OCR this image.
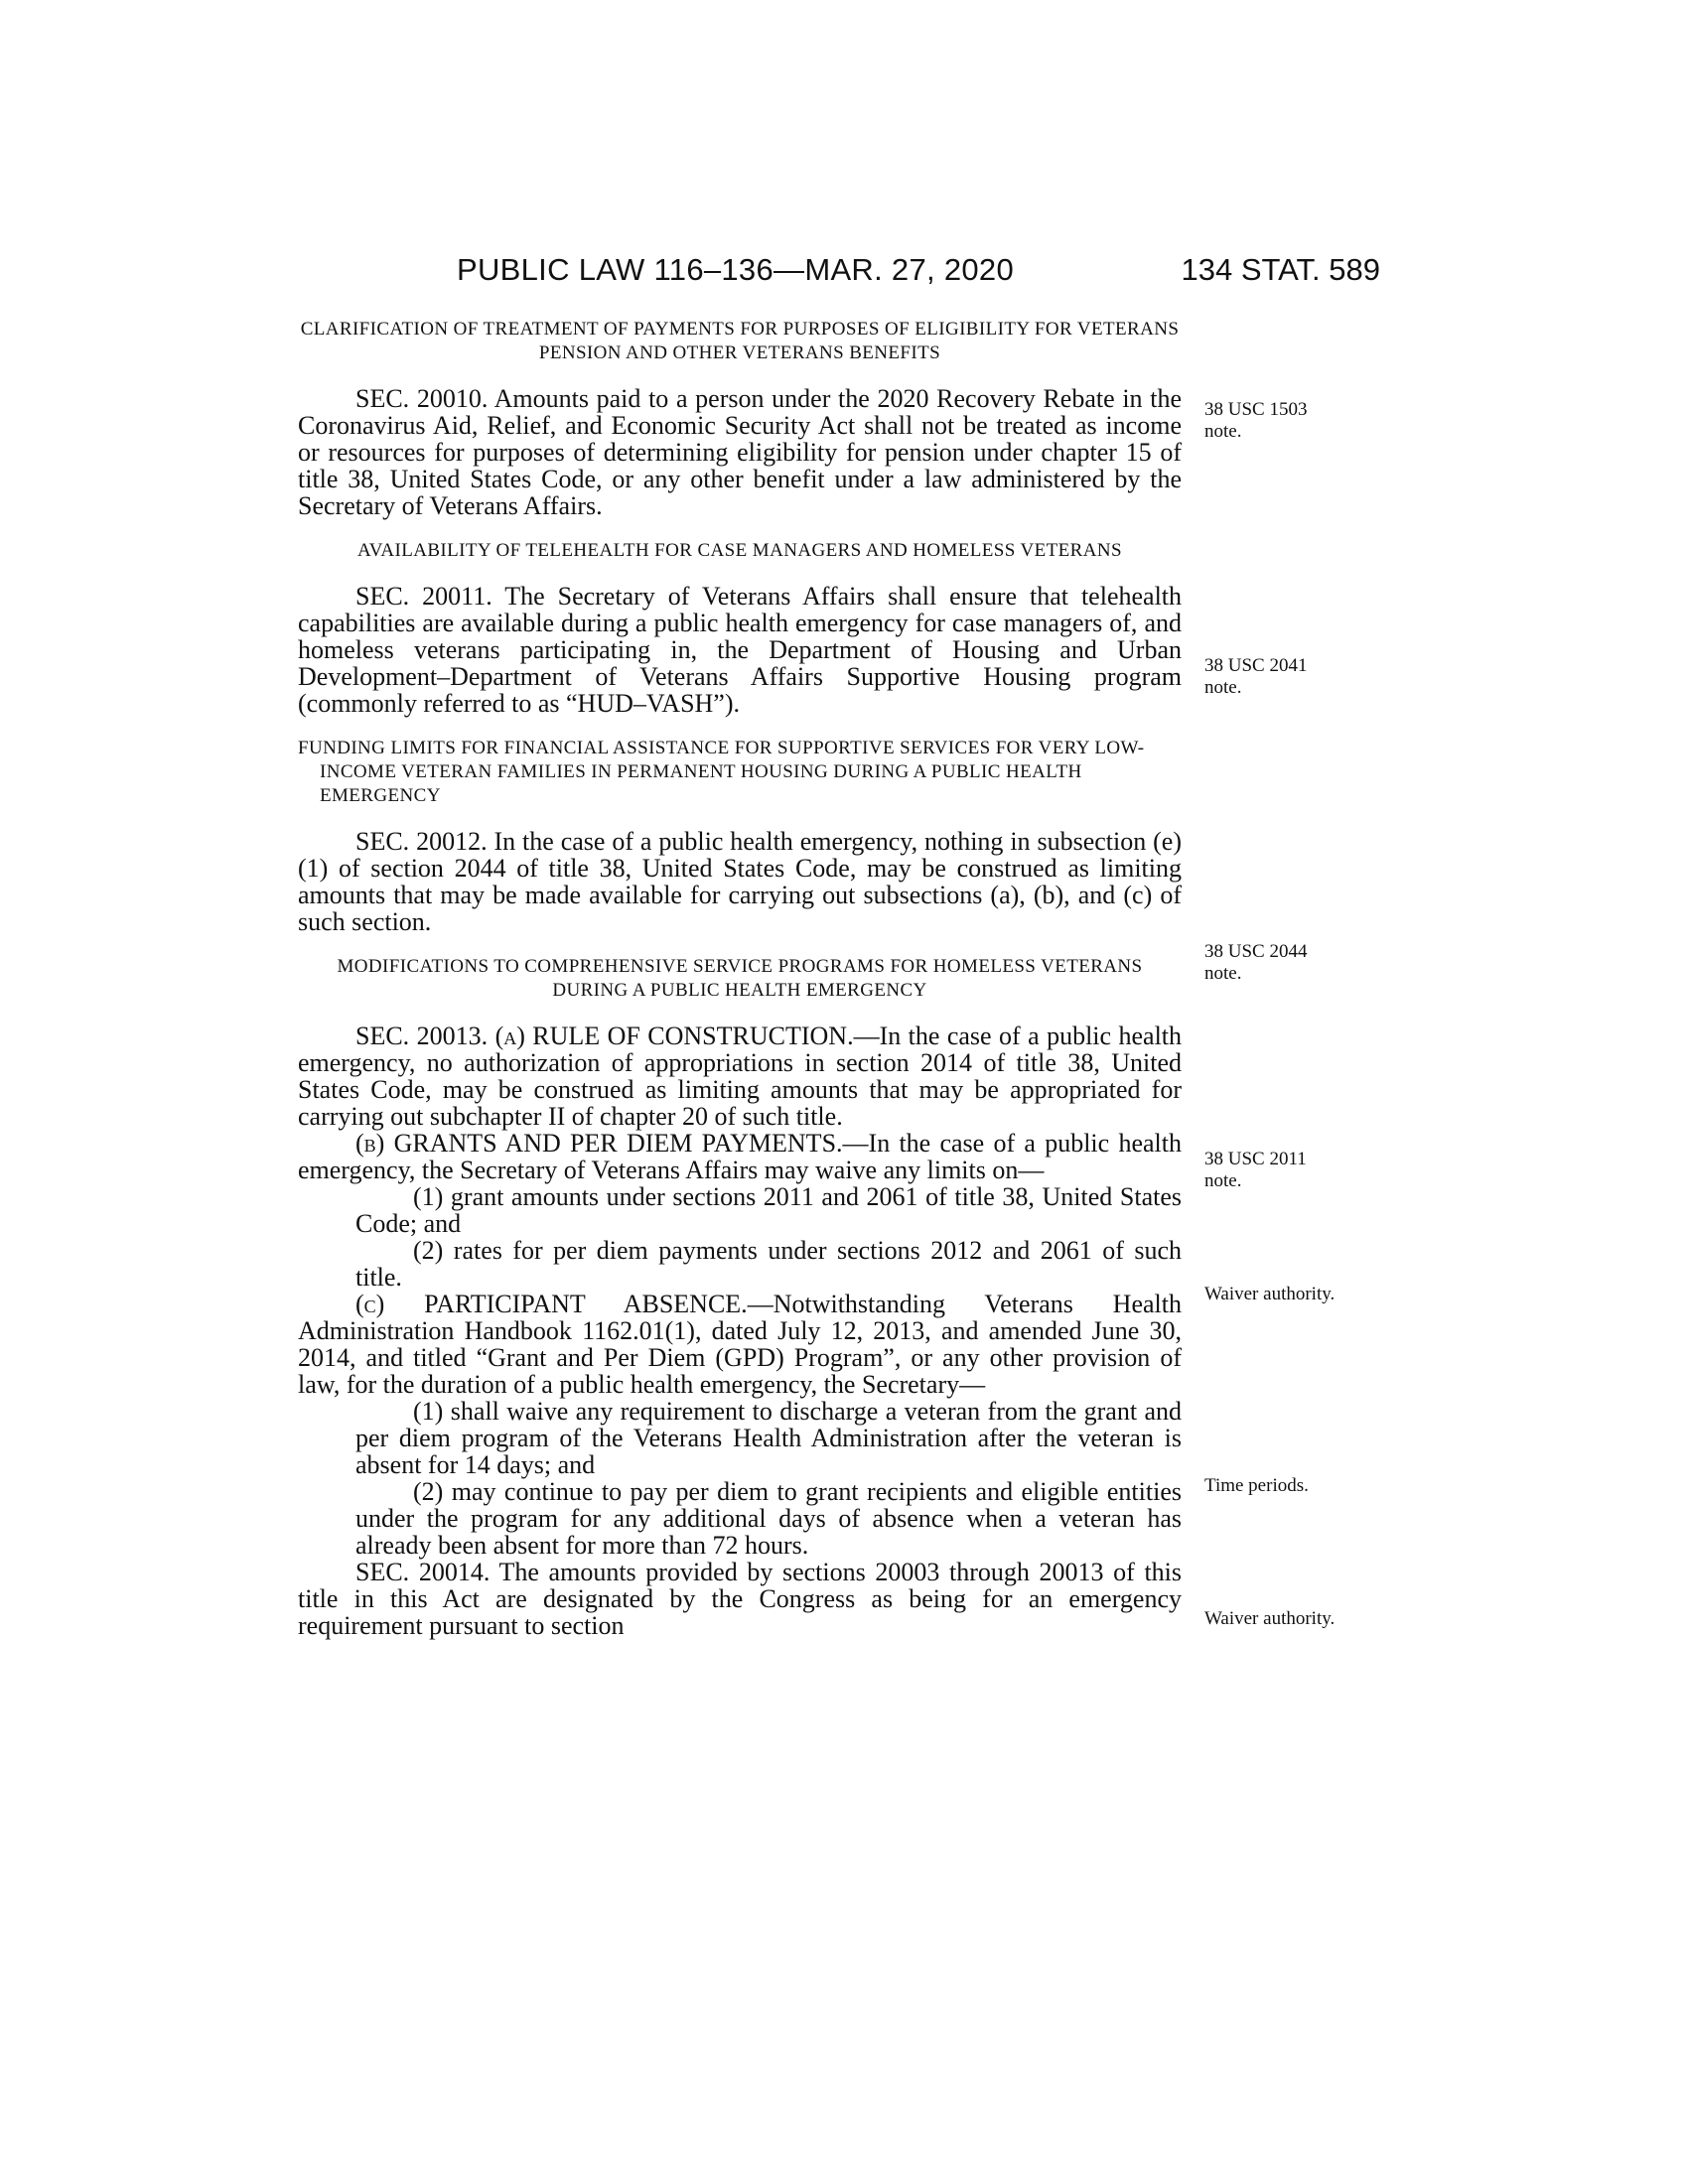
PUBLIC LAW 116–136—MAR. 27, 2020	134 STAT. 589
CLARIFICATION OF TREATMENT OF PAYMENTS FOR PURPOSES OF ELIGIBILITY FOR VETERANS PENSION AND OTHER VETERANS BENEFITS

SEC. 20010. Amounts paid to a person under the 2020 Recovery Rebate in the Coronavirus Aid, Relief, and Economic Security Act shall not be treated as income or resources for purposes of determining eligibility for pension under chapter 15 of title 38, United States Code, or any other benefit under a law administered by the Secretary of Veterans Affairs.

AVAILABILITY OF TELEHEALTH FOR CASE MANAGERS AND HOMELESS VETERANS

SEC. 20011. The Secretary of Veterans Affairs shall ensure that telehealth capabilities are available during a public health emergency for case managers of, and homeless veterans participating in, the Department of Housing and Urban Development–Department of Veterans Affairs Supportive Housing program (commonly referred to as “HUD–VASH”).

FUNDING LIMITS FOR FINANCIAL ASSISTANCE FOR SUPPORTIVE SERVICES FOR VERY LOW-INCOME VETERAN FAMILIES IN PERMANENT HOUSING DURING A PUBLIC HEALTH EMERGENCY

SEC. 20012. In the case of a public health emergency, nothing in subsection (e)(1) of section 2044 of title 38, United States Code, may be construed as limiting amounts that may be made available for carrying out subsections (a), (b), and (c) of such section.

MODIFICATIONS TO COMPREHENSIVE SERVICE PROGRAMS FOR HOMELESS VETERANS DURING A PUBLIC HEALTH EMERGENCY

SEC. 20013. (a) RULE OF CONSTRUCTION.—In the case of a public health emergency, no authorization of appropriations in section 2014 of title 38, United States Code, may be construed as limiting amounts that may be appropriated for carrying out subchapter II of chapter 20 of such title.

(b) GRANTS AND PER DIEM PAYMENTS.—In the case of a public health emergency, the Secretary of Veterans Affairs may waive any limits on—

(1) grant amounts under sections 2011 and 2061 of title 38, United States Code; and

(2) rates for per diem payments under sections 2012 and 2061 of such title.

(c) PARTICIPANT ABSENCE.—Notwithstanding Veterans Health Administration Handbook 1162.01(1), dated July 12, 2013, and amended June 30, 2014, and titled “Grant and Per Diem (GPD) Program”, or any other provision of law, for the duration of a public health emergency, the Secretary—

(1) shall waive any requirement to discharge a veteran from the grant and per diem program of the Veterans Health Administration after the veteran is absent for 14 days; and

(2) may continue to pay per diem to grant recipients and eligible entities under the program for any additional days of absence when a veteran has already been absent for more than 72 hours.

SEC. 20014. The amounts provided by sections 20003 through 20013 of this title in this Act are designated by the Congress as being for an emergency requirement pursuant to section

38 USC 1503
note.
38 USC 2041
note.
38 USC 2044
note.
38 USC 2011
note.
Waiver authority.
Time periods.
Waiver authority.
